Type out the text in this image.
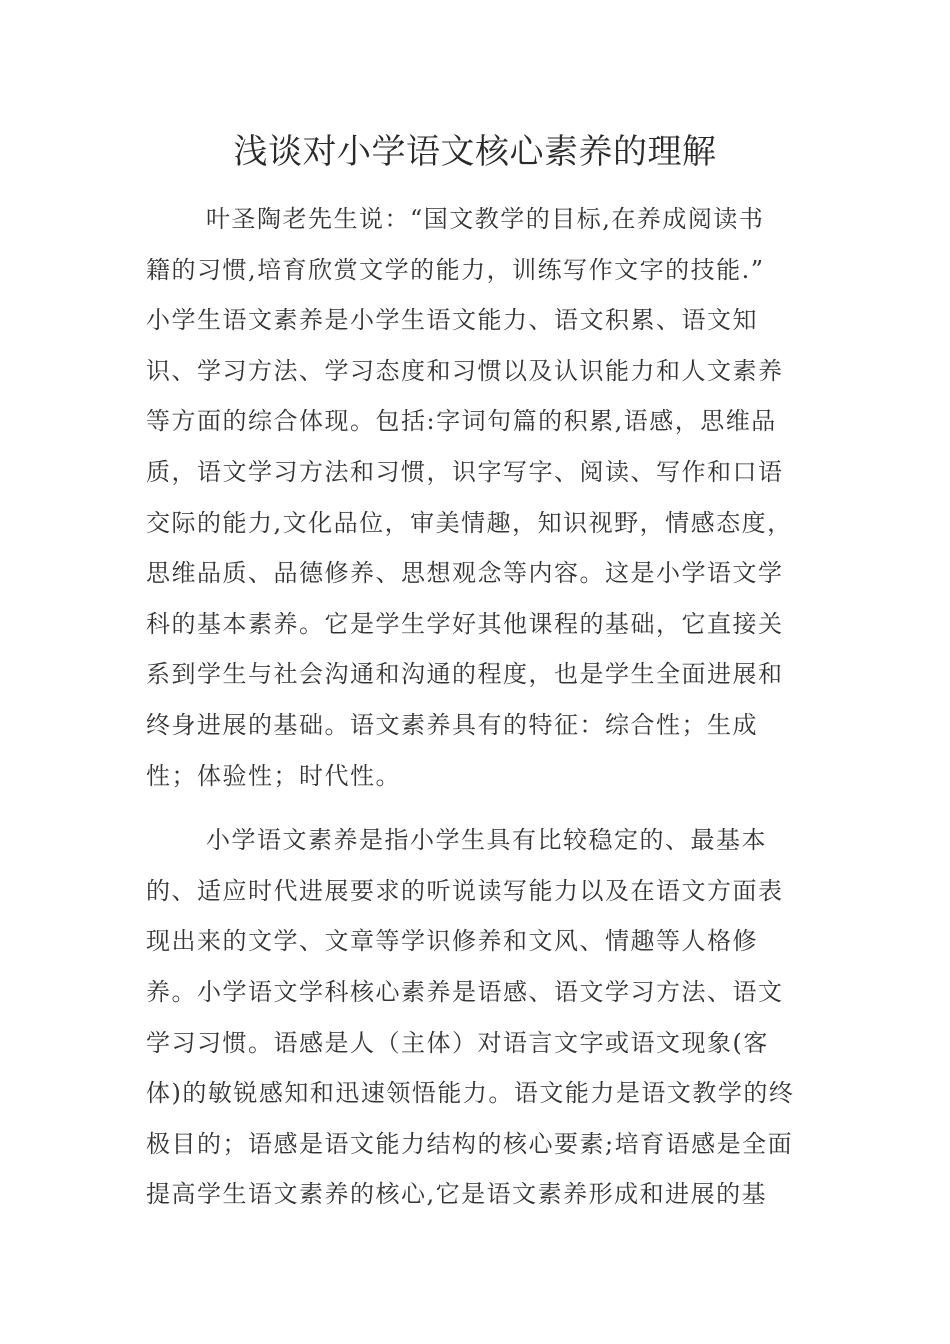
浅谈对小学语文核心素养的理解
叶圣陶老先生说：“国文教学的目标,在养成阅读书
籍的习惯,培育欣赏文学的能力，训练写作文字的技能.”
小学生语文素养是小学生语文能力、语文积累、语文知
识、学习方法、学习态度和习惯以及认识能力和人文素养
等方面的综合体现。包括:字词句篇的积累,语感，思维品
质，语文学习方法和习惯，识字写字、阅读、写作和口语
交际的能力,文化品位，审美情趣，知识视野，情感态度，
思维品质、品德修养、思想观念等内容。这是小学语文学
科的基本素养。它是学生学好其他课程的基础，它直接关
系到学生与社会沟通和沟通的程度，也是学生全面进展和
终身进展的基础。语文素养具有的特征：综合性；生成
性；体验性；时代性。
小学语文素养是指小学生具有比较稳定的、最基本
的、适应时代进展要求的听说读写能力以及在语文方面表
现出来的文学、文章等学识修养和文风、情趣等人格修
养。小学语文学科核心素养是语感、语文学习方法、语文
学习习惯。语感是人（主体）对语言文字或语文现象(客
体)的敏锐感知和迅速领悟能力。语文能力是语文教学的终
极目的；语感是语文能力结构的核心要素;培育语感是全面
提高学生语文素养的核心,它是语文素养形成和进展的基
